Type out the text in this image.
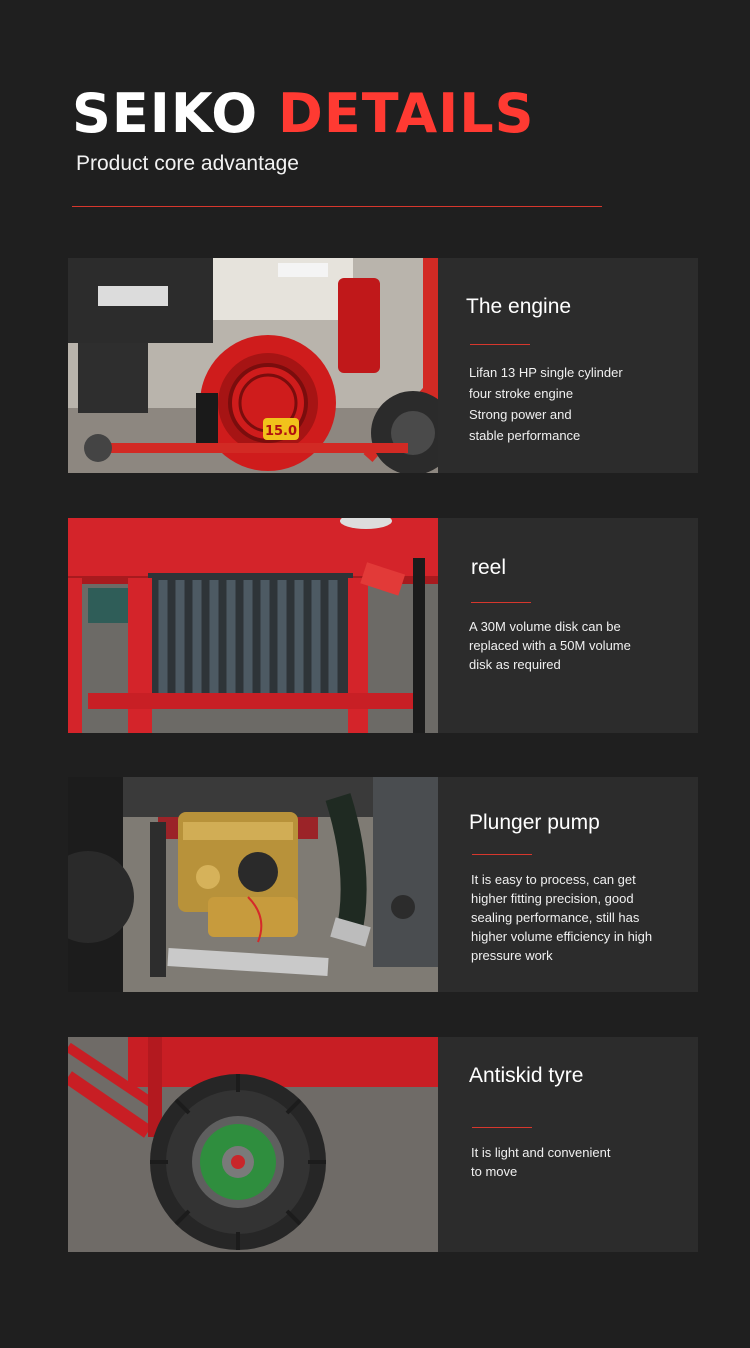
SEIKO DETAILS
Product core advantage
15.0
The engine

Lifan 13 HP single cylinder
four stroke engine
Strong power and
stable performance

reel

A 30M volume disk can be
replaced with a 50M volume
disk as required

Plunger pump

It is easy to process, can get
higher fitting precision, good
sealing performance, still has
higher volume efficiency in high
pressure work

Antiskid tyre

It is light and convenient
to move
